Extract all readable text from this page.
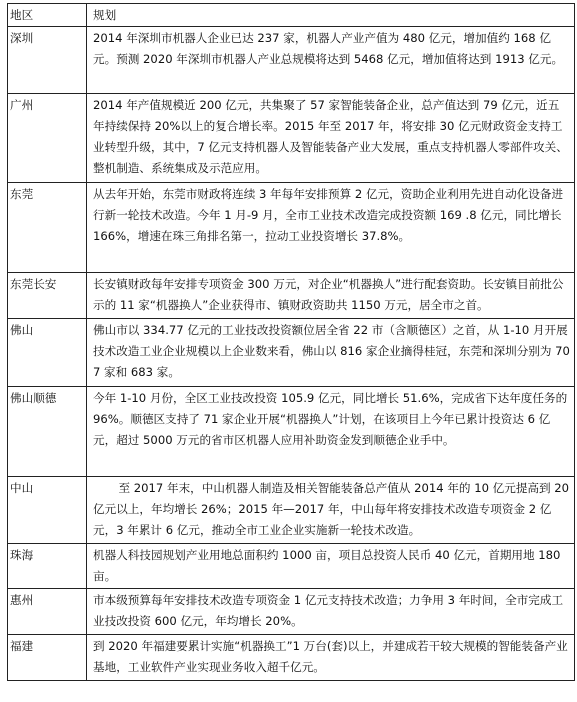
地区	规划
深圳	2014 年深圳市机器人企业已达 237 家，机器人产业产值为 480 亿元，增加值约 168 亿元。预测 2020 年深圳市机器人产业总规模将达到 5468 亿元，增加值将达到 1913 亿元。
广州	2014 年产值规模近 200 亿元，共集聚了 57 家智能装备企业，总产值达到 79 亿元，近五年持续保持 20%以上的复合增长率。2015 年至 2017 年，将安排 30 亿元财政资金支持工业转型升级，其中，7 亿元支持机器人及智能装备产业大发展，重点支持机器人零部件攻关、整机制造、系统集成及示范应用。
东莞	从去年开始，东莞市财政将连续 3 年每年安排预算 2 亿元，资助企业利用先进自动化设备进行新一轮技术改造。今年 1 月-9 月，全市工业技术改造完成投资额 169 .8 亿元，同比增长 166%，增速在珠三角排名第一，拉动工业投资增长 37.8%。
东莞长安	长安镇财政每年安排专项资金 300 万元，对企业“机器换人”进行配套资助。长安镇目前批公示的 11 家“机器换人”企业获得市、镇财政资助共 1150 万元，居全市之首。
佛山	佛山市以 334.77 亿元的工业技改投资额位居全省 22 市（含顺德区）之首，从 1-10 月开展技术改造工业企业规模以上企业数来看，佛山以 816 家企业摘得桂冠，东莞和深圳分别为 707 家和 683 家。
佛山顺德	今年 1-10 月份，全区工业技改投资 105.9 亿元，同比增长 51.6%，完成省下达年度任务的 96%。顺德区支持了 71 家企业开展“机器换人”计划，在该项目上今年已累计投资达 6 亿元，超过 5000 万元的省市区机器人应用补助资金发到顺德企业手中。
中山	至 2017 年末，中山机器人制造及相关智能装备总产值从 2014 年的 10 亿元提高到 20 亿元以上，年均增长 26%；2015 年—2017 年，中山每年将安排技术改造专项资金 2 亿元，3 年累计 6 亿元，推动全市工业企业实施新一轮技术改造。
珠海	机器人科技园规划产业用地总面积约 1000 亩，项目总投资人民币 40 亿元，首期用地 180 亩。
惠州	市本级预算每年安排技术改造专项资金 1 亿元支持技术改造；力争用 3 年时间，全市完成工业技改投资 600 亿元，年均增长 20%。
福建	到 2020 年福建要累计实施“机器换工”1 万台(套)以上，并建成若干较大规模的智能装备产业基地，工业软件产业实现业务收入超千亿元。
